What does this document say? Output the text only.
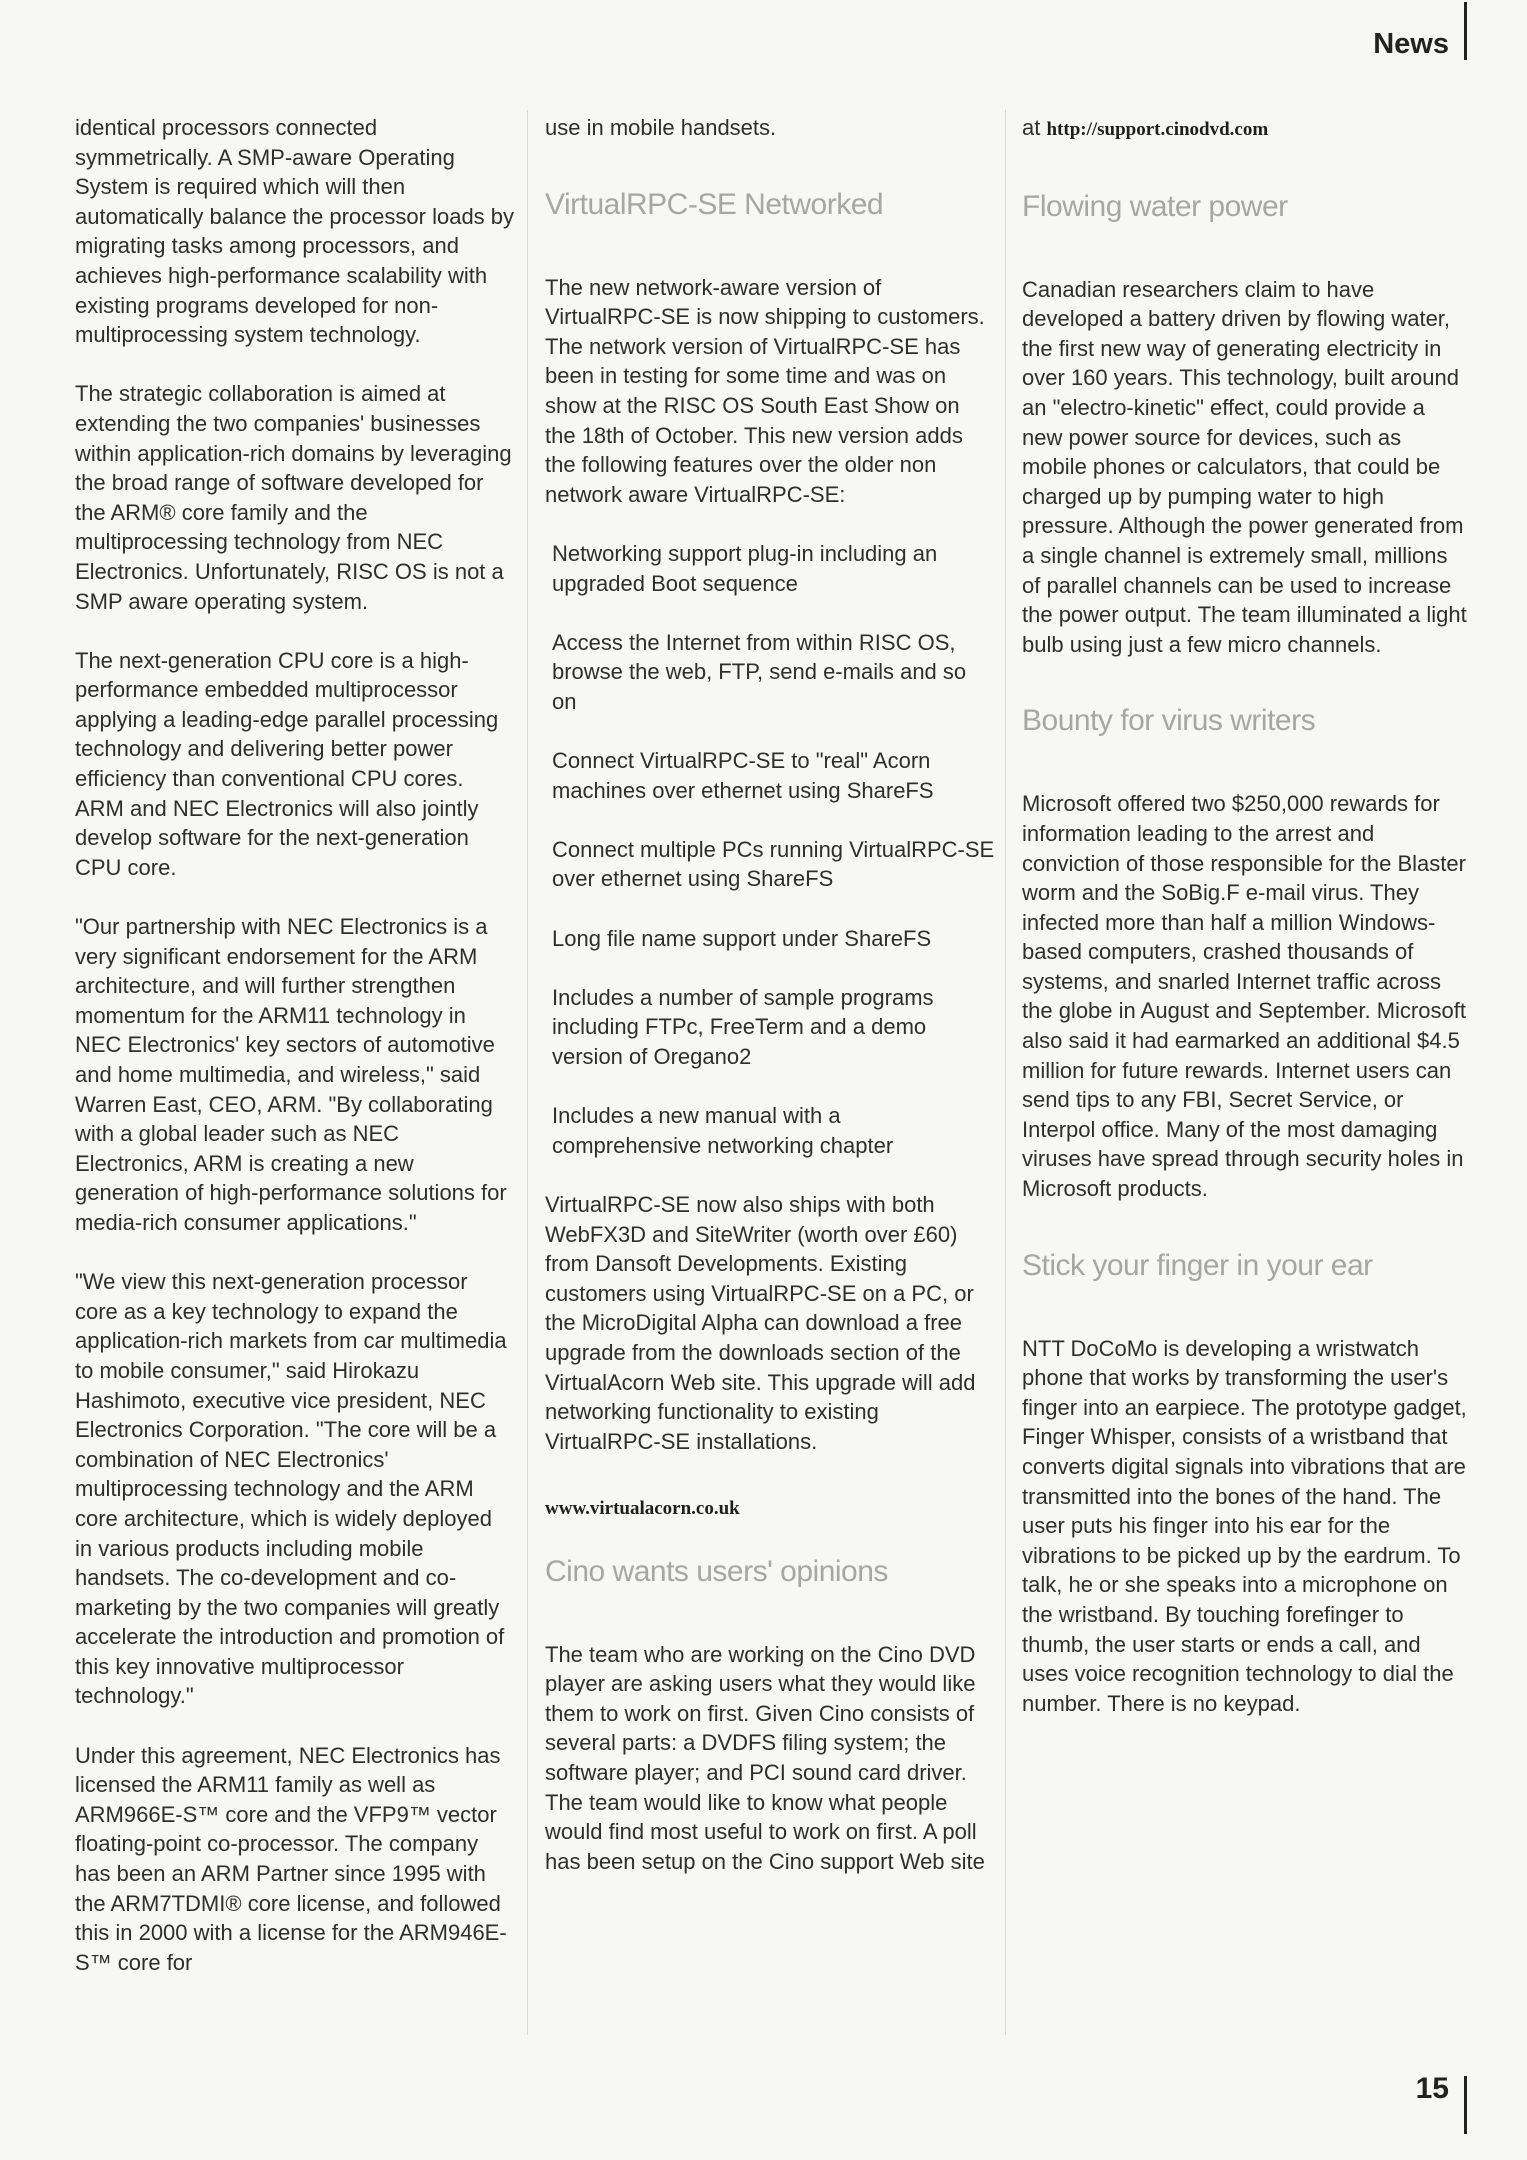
News

identical processors connected symmetrically. A SMP-aware Operating System is required which will then automatically balance the processor loads by migrating tasks among processors, and achieves high-performance scalability with existing programs developed for non-multiprocessing system technology.

The strategic collaboration is aimed at extending the two companies' businesses within application-rich domains by leveraging the broad range of software developed for the ARM® core family and the multiprocessing technology from NEC Electronics. Unfortunately, RISC OS is not a SMP aware operating system.

The next-generation CPU core is a high-performance embedded multiprocessor applying a leading-edge parallel processing technology and delivering better power efficiency than conventional CPU cores. ARM and NEC Electronics will also jointly develop software for the next-generation CPU core.

"Our partnership with NEC Electronics is a very significant endorsement for the ARM architecture, and will further strengthen momentum for the ARM11 technology in NEC Electronics' key sectors of automotive and home multimedia, and wireless," said Warren East, CEO, ARM. "By collaborating with a global leader such as NEC Electronics, ARM is creating a new generation of high-performance solutions for media-rich consumer applications."

"We view this next-generation processor core as a key technology to expand the application-rich markets from car multimedia to mobile consumer," said Hirokazu Hashimoto, executive vice president, NEC Electronics Corporation. "The core will be a combination of NEC Electronics' multiprocessing technology and the ARM core architecture, which is widely deployed in various products including mobile handsets. The co-development and co-marketing by the two companies will greatly accelerate the introduction and promotion of this key innovative multiprocessor technology."

Under this agreement, NEC Electronics has licensed the ARM11 family as well as ARM966E-S™ core and the VFP9™ vector floating-point co-processor. The company has been an ARM Partner since 1995 with the ARM7TDMI® core license, and followed this in 2000 with a license for the ARM946E-S™ core for

use in mobile handsets.

VirtualRPC-SE Networked

The new network-aware version of VirtualRPC-SE is now shipping to customers. The network version of VirtualRPC-SE has been in testing for some time and was on show at the RISC OS South East Show on the 18th of October. This new version adds the following features over the older non network aware VirtualRPC-SE:

Networking support plug-in including an upgraded Boot sequence

Access the Internet from within RISC OS, browse the web, FTP, send e-mails and so on

Connect VirtualRPC-SE to "real" Acorn machines over ethernet using ShareFS

Connect multiple PCs running VirtualRPC-SE over ethernet using ShareFS

Long file name support under ShareFS

Includes a number of sample programs including FTPc, FreeTerm and a demo version of Oregano2

Includes a new manual with a comprehensive networking chapter

VirtualRPC-SE now also ships with both WebFX3D and SiteWriter (worth over £60) from Dansoft Developments. Existing customers using VirtualRPC-SE on a PC, or the MicroDigital Alpha can download a free upgrade from the downloads section of the VirtualAcorn Web site. This upgrade will add networking functionality to existing VirtualRPC-SE installations.

www.virtualacorn.co.uk

Cino wants users' opinions

The team who are working on the Cino DVD player are asking users what they would like them to work on first. Given Cino consists of several parts: a DVDFS filing system; the software player; and PCI sound card driver. The team would like to know what people would find most useful to work on first. A poll has been setup on the Cino support Web site

at http://support.cinodvd.com

Flowing water power

Canadian researchers claim to have developed a battery driven by flowing water, the first new way of generating electricity in over 160 years. This technology, built around an "electro-kinetic" effect, could provide a new power source for devices, such as mobile phones or calculators, that could be charged up by pumping water to high pressure. Although the power generated from a single channel is extremely small, millions of parallel channels can be used to increase the power output. The team illuminated a light bulb using just a few micro channels.

Bounty for virus writers

Microsoft offered two $250,000 rewards for information leading to the arrest and conviction of those responsible for the Blaster worm and the SoBig.F e-mail virus. They infected more than half a million Windows-based computers, crashed thousands of systems, and snarled Internet traffic across the globe in August and September. Microsoft also said it had earmarked an additional $4.5 million for future rewards. Internet users can send tips to any FBI, Secret Service, or Interpol office. Many of the most damaging viruses have spread through security holes in Microsoft products.

Stick your finger in your ear

NTT DoCoMo is developing a wristwatch phone that works by transforming the user's finger into an earpiece. The prototype gadget, Finger Whisper, consists of a wristband that converts digital signals into vibrations that are transmitted into the bones of the hand. The user puts his finger into his ear for the vibrations to be picked up by the eardrum. To talk, he or she speaks into a microphone on the wristband. By touching forefinger to thumb, the user starts or ends a call, and uses voice recognition technology to dial the number. There is no keypad.

15
